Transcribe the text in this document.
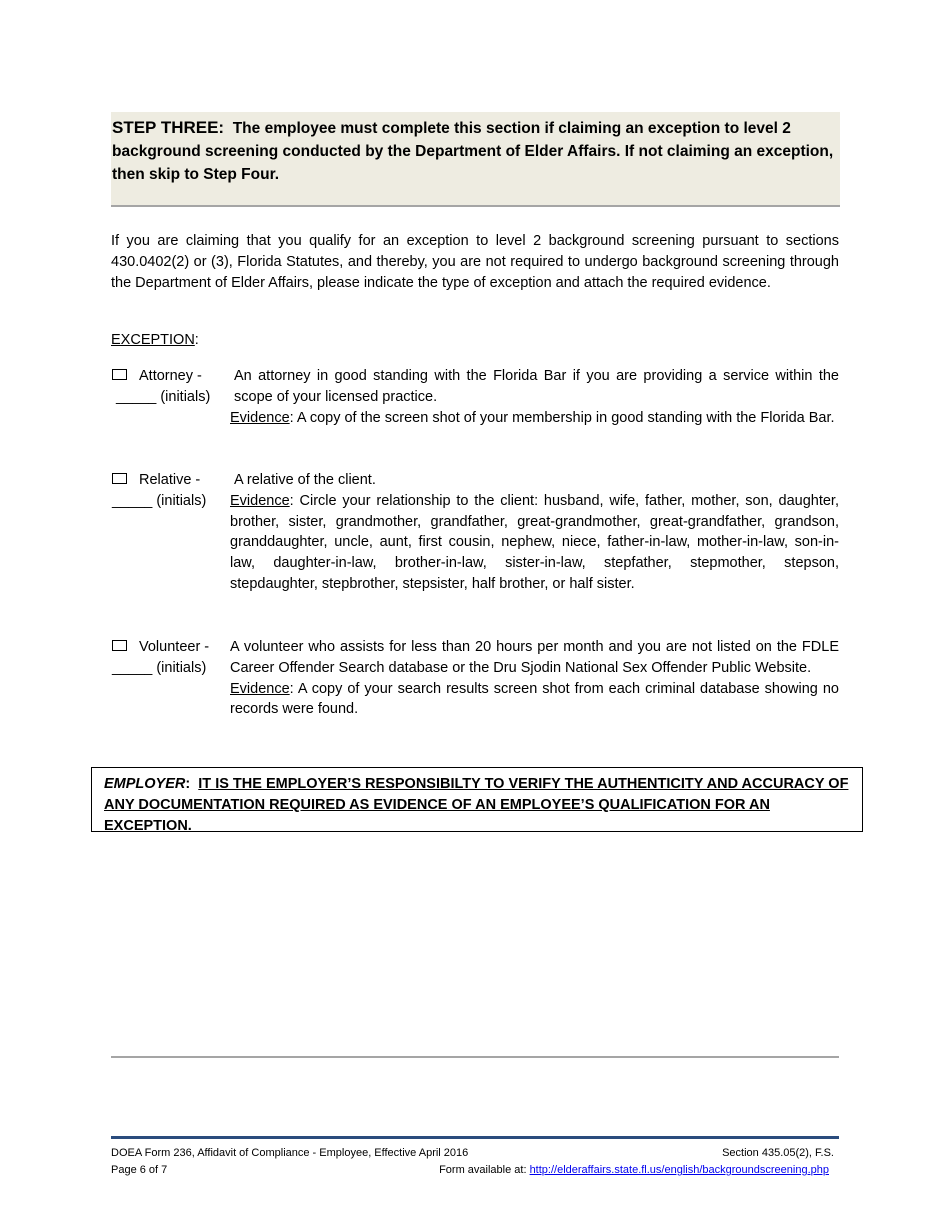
STEP THREE: The employee must complete this section if claiming an exception to level 2 background screening conducted by the Department of Elder Affairs. If not claiming an exception, then skip to Step Four.

If you are claiming that you qualify for an exception to level 2 background screening pursuant to sections 430.0402(2) or (3), Florida Statutes, and thereby, you are not required to undergo background screening through the Department of Elder Affairs, please indicate the type of exception and attach the required evidence.

EXCEPTION:
Attorney -
_____ (initials)

An attorney in good standing with the Florida Bar if you are providing a service within the scope of your licensed practice.

Evidence: A copy of the screen shot of your membership in good standing with the Florida Bar.

Relative -
_____ (initials)

A relative of the client.

Evidence: Circle your relationship to the client: husband, wife, father, mother, son, daughter, brother, sister, grandmother, grandfather, great-grandmother, great-grandfather, grandson, granddaughter, uncle, aunt, first cousin, nephew, niece, father-in-law, mother-in-law, son-in-law, daughter-in-law, brother-in-law, sister-in-law, stepfather, stepmother, stepson, stepdaughter, stepbrother, stepsister, half brother, or half sister.

Volunteer -
_____ (initials)

A volunteer who assists for less than 20 hours per month and you are not listed on the FDLE Career Offender Search database or the Dru Sjodin National Sex Offender Public Website.

Evidence: A copy of your search results screen shot from each criminal database showing no records were found.

EMPLOYER: IT IS THE EMPLOYER’S RESPONSIBILTY TO VERIFY THE AUTHENTICITY AND ACCURACY OF ANY DOCUMENTATION REQUIRED AS EVIDENCE OF AN EMPLOYEE’S QUALIFICATION FOR AN EXCEPTION.

DOEA Form 236, Affidavit of Compliance - Employee, Effective April 2016
Page 6 of 7
Section 435.05(2), F.S.
Form available at: http://elderaffairs.state.fl.us/english/backgroundscreening.php
